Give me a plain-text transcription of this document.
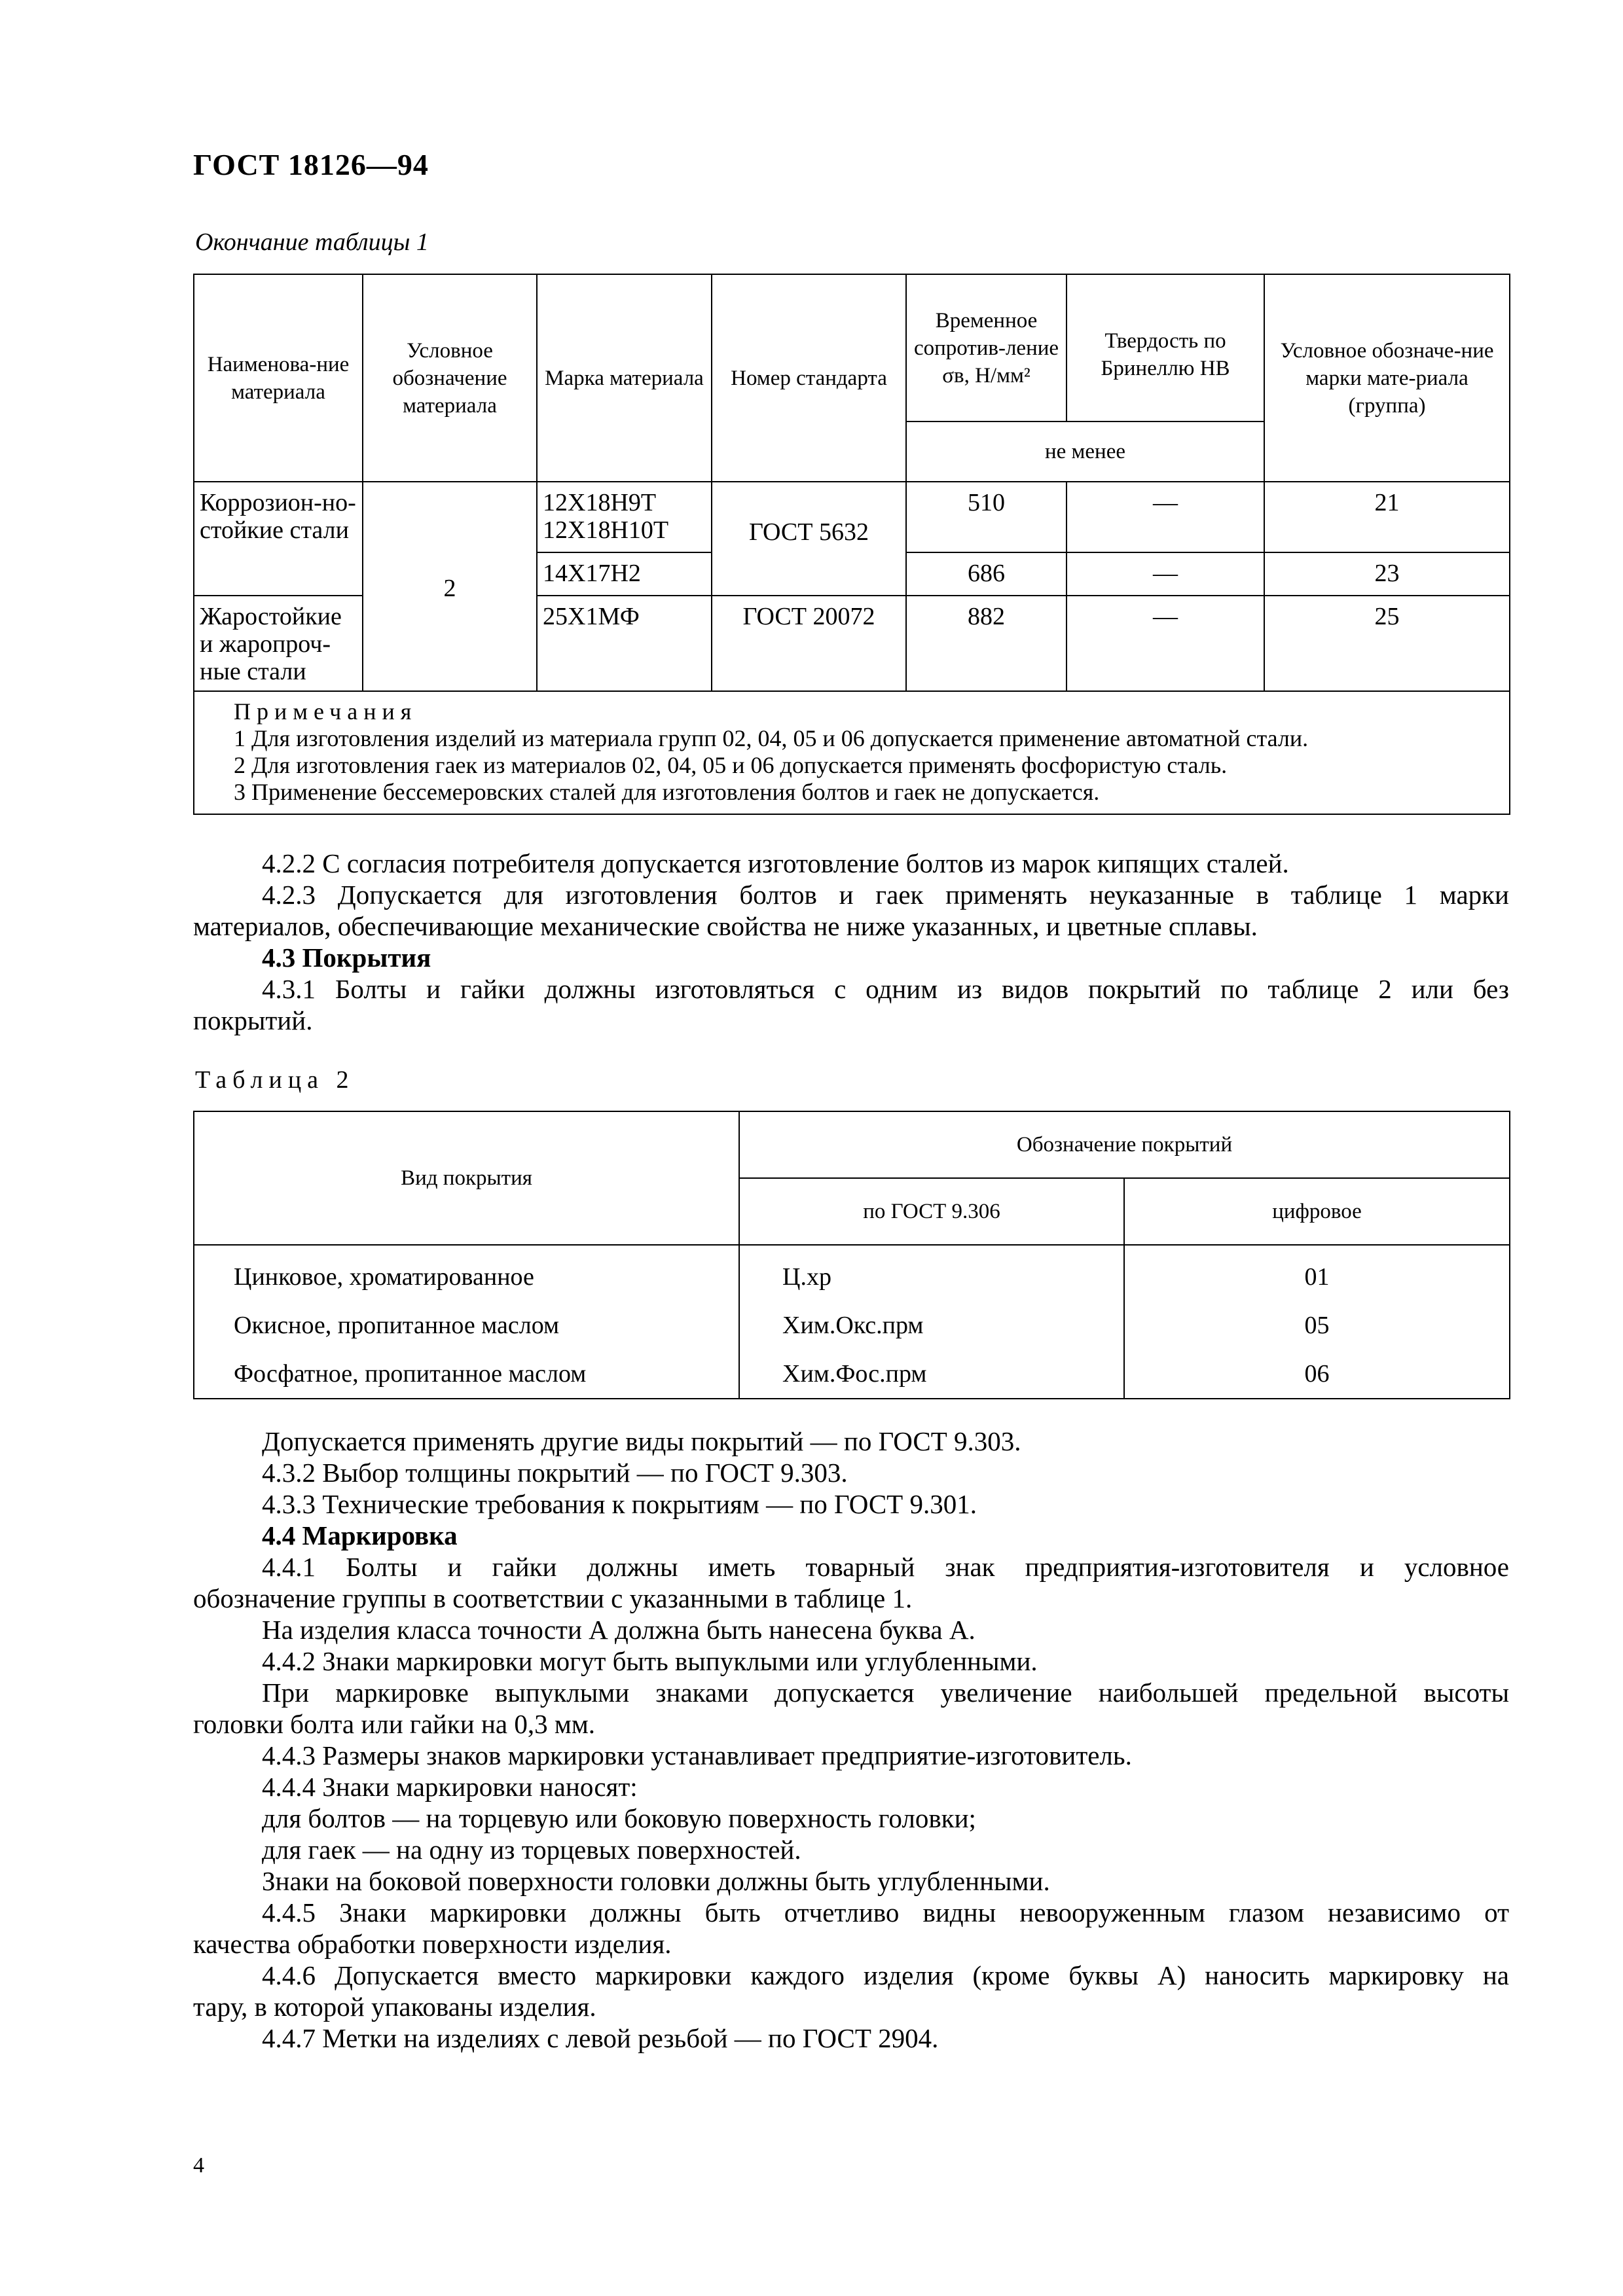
ГОСТ 18126—94
Окончание таблицы 1
Наименова-ние материала	Условное обозначение материала	Марка материала	Номер стандарта	Временное сопротив-ление σв, Н/мм²	Твердость по Бринеллю НВ	Условное обозначе-ние марки мате-риала (группа)
				не менее		
Коррозион-но-стойкие стали	2	12Х18Н9Т 12Х18Н10Т	ГОСТ 5632	510	—	21
		14Х17Н2		686	—	23
Жаростойкие и жаропроч-ные стали		25Х1МФ	ГОСТ 20072	882	—	25

Примечания
1 Для изготовления изделий из материала групп 02, 04, 05 и 06 допускается применение автоматной стали.
2 Для изготовления гаек из материалов 02, 04, 05 и 06 допускается применять фосфористую сталь.
3 Применение бессемеровских сталей для изготовления болтов и гаек не допускается.						
4.2.2 С согласия потребителя допускается изготовление болтов из марок кипящих сталей.
4.2.3 Допускается для изготовления болтов и гаек применять неуказанные в таблице 1 марки
материалов, обеспечивающие механические свойства не ниже указанных, и цветные сплавы.
4.3 Покрытия
4.3.1 Болты и гайки должны изготовляться с одним из видов покрытий по таблице 2 или без
покрытий.
Таблица 2
Вид покрытия	Обозначение покрытий	
	по ГОСТ 9.306	цифровое
Цинковое, хроматированное	Ц.хр	01
Окисное, пропитанное маслом	Хим.Окс.прм	05
Фосфатное, пропитанное маслом	Хим.Фос.прм	06
Допускается применять другие виды покрытий — по ГОСТ 9.303.
4.3.2 Выбор толщины покрытий — по ГОСТ 9.303.
4.3.3 Технические требования к покрытиям — по ГОСТ 9.301.
4.4 Маркировка
4.4.1 Болты и гайки должны иметь товарный знак предприятия-изготовителя и условное
обозначение группы в соответствии с указанными в таблице 1.
На изделия класса точности А должна быть нанесена буква А.
4.4.2 Знаки маркировки могут быть выпуклыми или углубленными.
При маркировке выпуклыми знаками допускается увеличение наибольшей предельной высоты
головки болта или гайки на 0,3 мм.
4.4.3 Размеры знаков маркировки устанавливает предприятие-изготовитель.
4.4.4 Знаки маркировки наносят:
для болтов — на торцевую или боковую поверхность головки;
для гаек — на одну из торцевых поверхностей.
Знаки на боковой поверхности головки должны быть углубленными.
4.4.5 Знаки маркировки должны быть отчетливо видны невооруженным глазом независимо от
качества обработки поверхности изделия.
4.4.6 Допускается вместо маркировки каждого изделия (кроме буквы А) наносить маркировку на
тару, в которой упакованы изделия.
4.4.7 Метки на изделиях с левой резьбой — по ГОСТ 2904.
4
